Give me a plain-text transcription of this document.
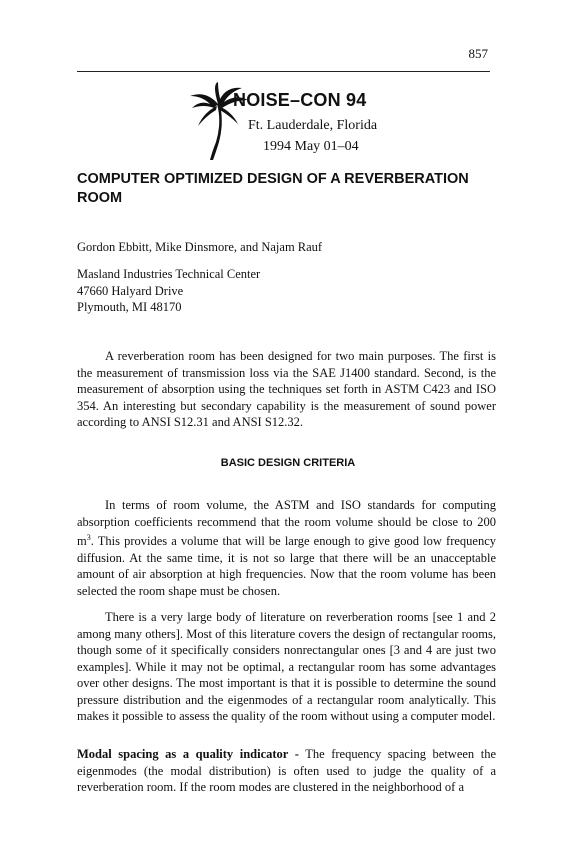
857
NOISE–CON 94
Ft. Lauderdale, Florida
1994 May 01–04
COMPUTER OPTIMIZED DESIGN OF A REVERBERATION ROOM
Gordon Ebbitt, Mike Dinsmore, and Najam Rauf
Masland Industries Technical Center
47660 Halyard Drive
Plymouth, MI 48170

A reverberation room has been designed for two main purposes. The first is the measurement of transmission loss via the SAE J1400 standard. Second, is the measurement of absorption using the techniques set forth in ASTM C423 and ISO 354. An interesting but secondary capability is the measurement of sound power according to ANSI S12.31 and ANSI S12.32.

BASIC DESIGN CRITERIA

In terms of room volume, the ASTM and ISO standards for computing absorption coefficients recommend that the room volume should be close to 200 $m^3$. This provides a volume that will be large enough to give good low frequency diffusion. At the same time, it is not so large that there will be an unacceptable amount of air absorption at high frequencies. Now that the room volume has been selected the room shape must be chosen.

There is a very large body of literature on reverberation rooms [see 1 and 2 among many others]. Most of this literature covers the design of rectangular rooms, though some of it specifically considers nonrectangular ones [3 and 4 are just two examples]. While it may not be optimal, a rectangular room has some advantages over other designs. The most important is that it is possible to determine the sound pressure distribution and the eigenmodes of a rectangular room analytically. This makes it possible to assess the quality of the room without using a computer model.

Modal spacing as a quality indicator - The frequency spacing between the eigenmodes (the modal distribution) is often used to judge the quality of a reverberation room. If the room modes are clustered in the neighborhood of a
